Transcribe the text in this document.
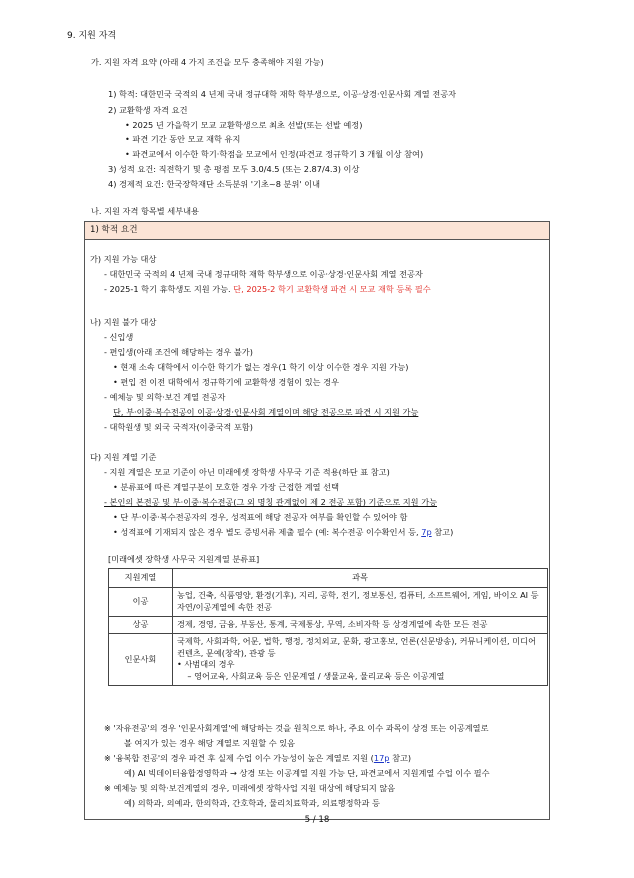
9. 지원 자격
가. 지원 자격 요약 (아래 4 가지 조건을 모두 충족해야 지원 가능)
1) 학적: 대한민국 국적의 4 년제 국내 정규대학 재학 학부생으로, 이공·상경·인문사회 계열 전공자
2) 교환학생 자격 요건
• 2025 년 가을학기 모교 교환학생으로 최초 선발(또는 선발 예정)
• 파견 기간 동안 모교 재학 유지
• 파견교에서 이수한 학기·학점을 모교에서 인정(파견교 정규학기 3 개월 이상 참여)
3) 성적 요건: 직전학기 및 총 평점 모두 3.0/4.5 (또는 2.87/4.3) 이상
4) 경제적 요건: 한국장학재단 소득분위 '기초~8 분위' 이내
나. 지원 자격 항목별 세부내용
1) 학적 요건
가) 지원 가능 대상
- 대한민국 국적의 4 년제 국내 정규대학 재학 학부생으로 이공·상경·인문사회 계열 전공자
- 2025-1 학기 휴학생도 지원 가능. 단, 2025-2 학기 교환학생 파견 시 모교 재학 등록 필수
나) 지원 불가 대상
- 신입생
- 편입생(아래 조건에 해당하는 경우 불가)
• 현재 소속 대학에서 이수한 학기가 없는 경우(1 학기 이상 이수한 경우 지원 가능)
• 편입 전 이전 대학에서 정규학기에 교환학생 경험이 있는 경우
- 예체능 및 의학·보건 계열 전공자
단, 부·이중·복수전공이 이공·상경·인문사회 계열이며 해당 전공으로 파견 시 지원 가능
- 대학원생 및 외국 국적자(이중국적 포함)
다) 지원 계열 기준
- 지원 계열은 모교 기준이 아닌 미래에셋 장학생 사무국 기준 적용(하단 표 참고)
• 분류표에 따른 계열구분이 모호한 경우 가장 근접한 계열 선택
- 본인의 본전공 및 부·이중·복수전공(그 외 명칭 관계없이 제 2 전공 포함) 기준으로 지원 가능
• 단 부·이중·복수전공자의 경우, 성적표에 해당 전공자 여부를 확인할 수 있어야 함
• 성적표에 기재되지 않은 경우 별도 증빙서류 제출 필수 (예: 복수전공 이수확인서 등, 7p 참고)
[미래에셋 장학생 사무국 지원계열 분류표]
지원계열	과목
이공	농업, 건축, 식품영양, 환경(기후), 지리, 공학, 전기, 정보통신, 컴퓨터, 소프트웨어, 게임, 바이오 AI 등
자연/이공계열에 속한 전공

상공	경제, 경영, 금융, 부동산, 통계, 국제통상, 무역, 소비자학 등 상경계열에 속한 모든 전공

인문사회	국제학, 사회과학, 어문, 법학, 행정, 정치외교, 문화, 광고홍보, 언론(신문방송), 커뮤니케이션, 미디어
컨텐츠, 문예(창작), 관광 등
• 사범대의 경우
– 영어교육, 사회교육 등은 인문계열 / 생물교육, 물리교육 등은 이공계열
※ '자유전공'의 경우 '인문사회계열'에 해당하는 것을 원칙으로 하나, 주요 이수 과목이 상경 또는 이공계열로
볼 여지가 있는 경우 해당 계열로 지원할 수 있음
※ '융복합 전공'의 경우 파견 후 실제 수업 이수 가능성이 높은 계열로 지원 (17p 참고)
예) AI 빅데이터융합경영학과 → 상경 또는 이공계열 지원 가능 단, 파견교에서 지원계열 수업 이수 필수
※ 예체능 및 의학·보건계열의 경우, 미래에셋 장학사업 지원 대상에 해당되지 않음
예) 의학과, 의예과, 한의학과, 간호학과, 물리치료학과, 의료행정학과 등
5 / 18
